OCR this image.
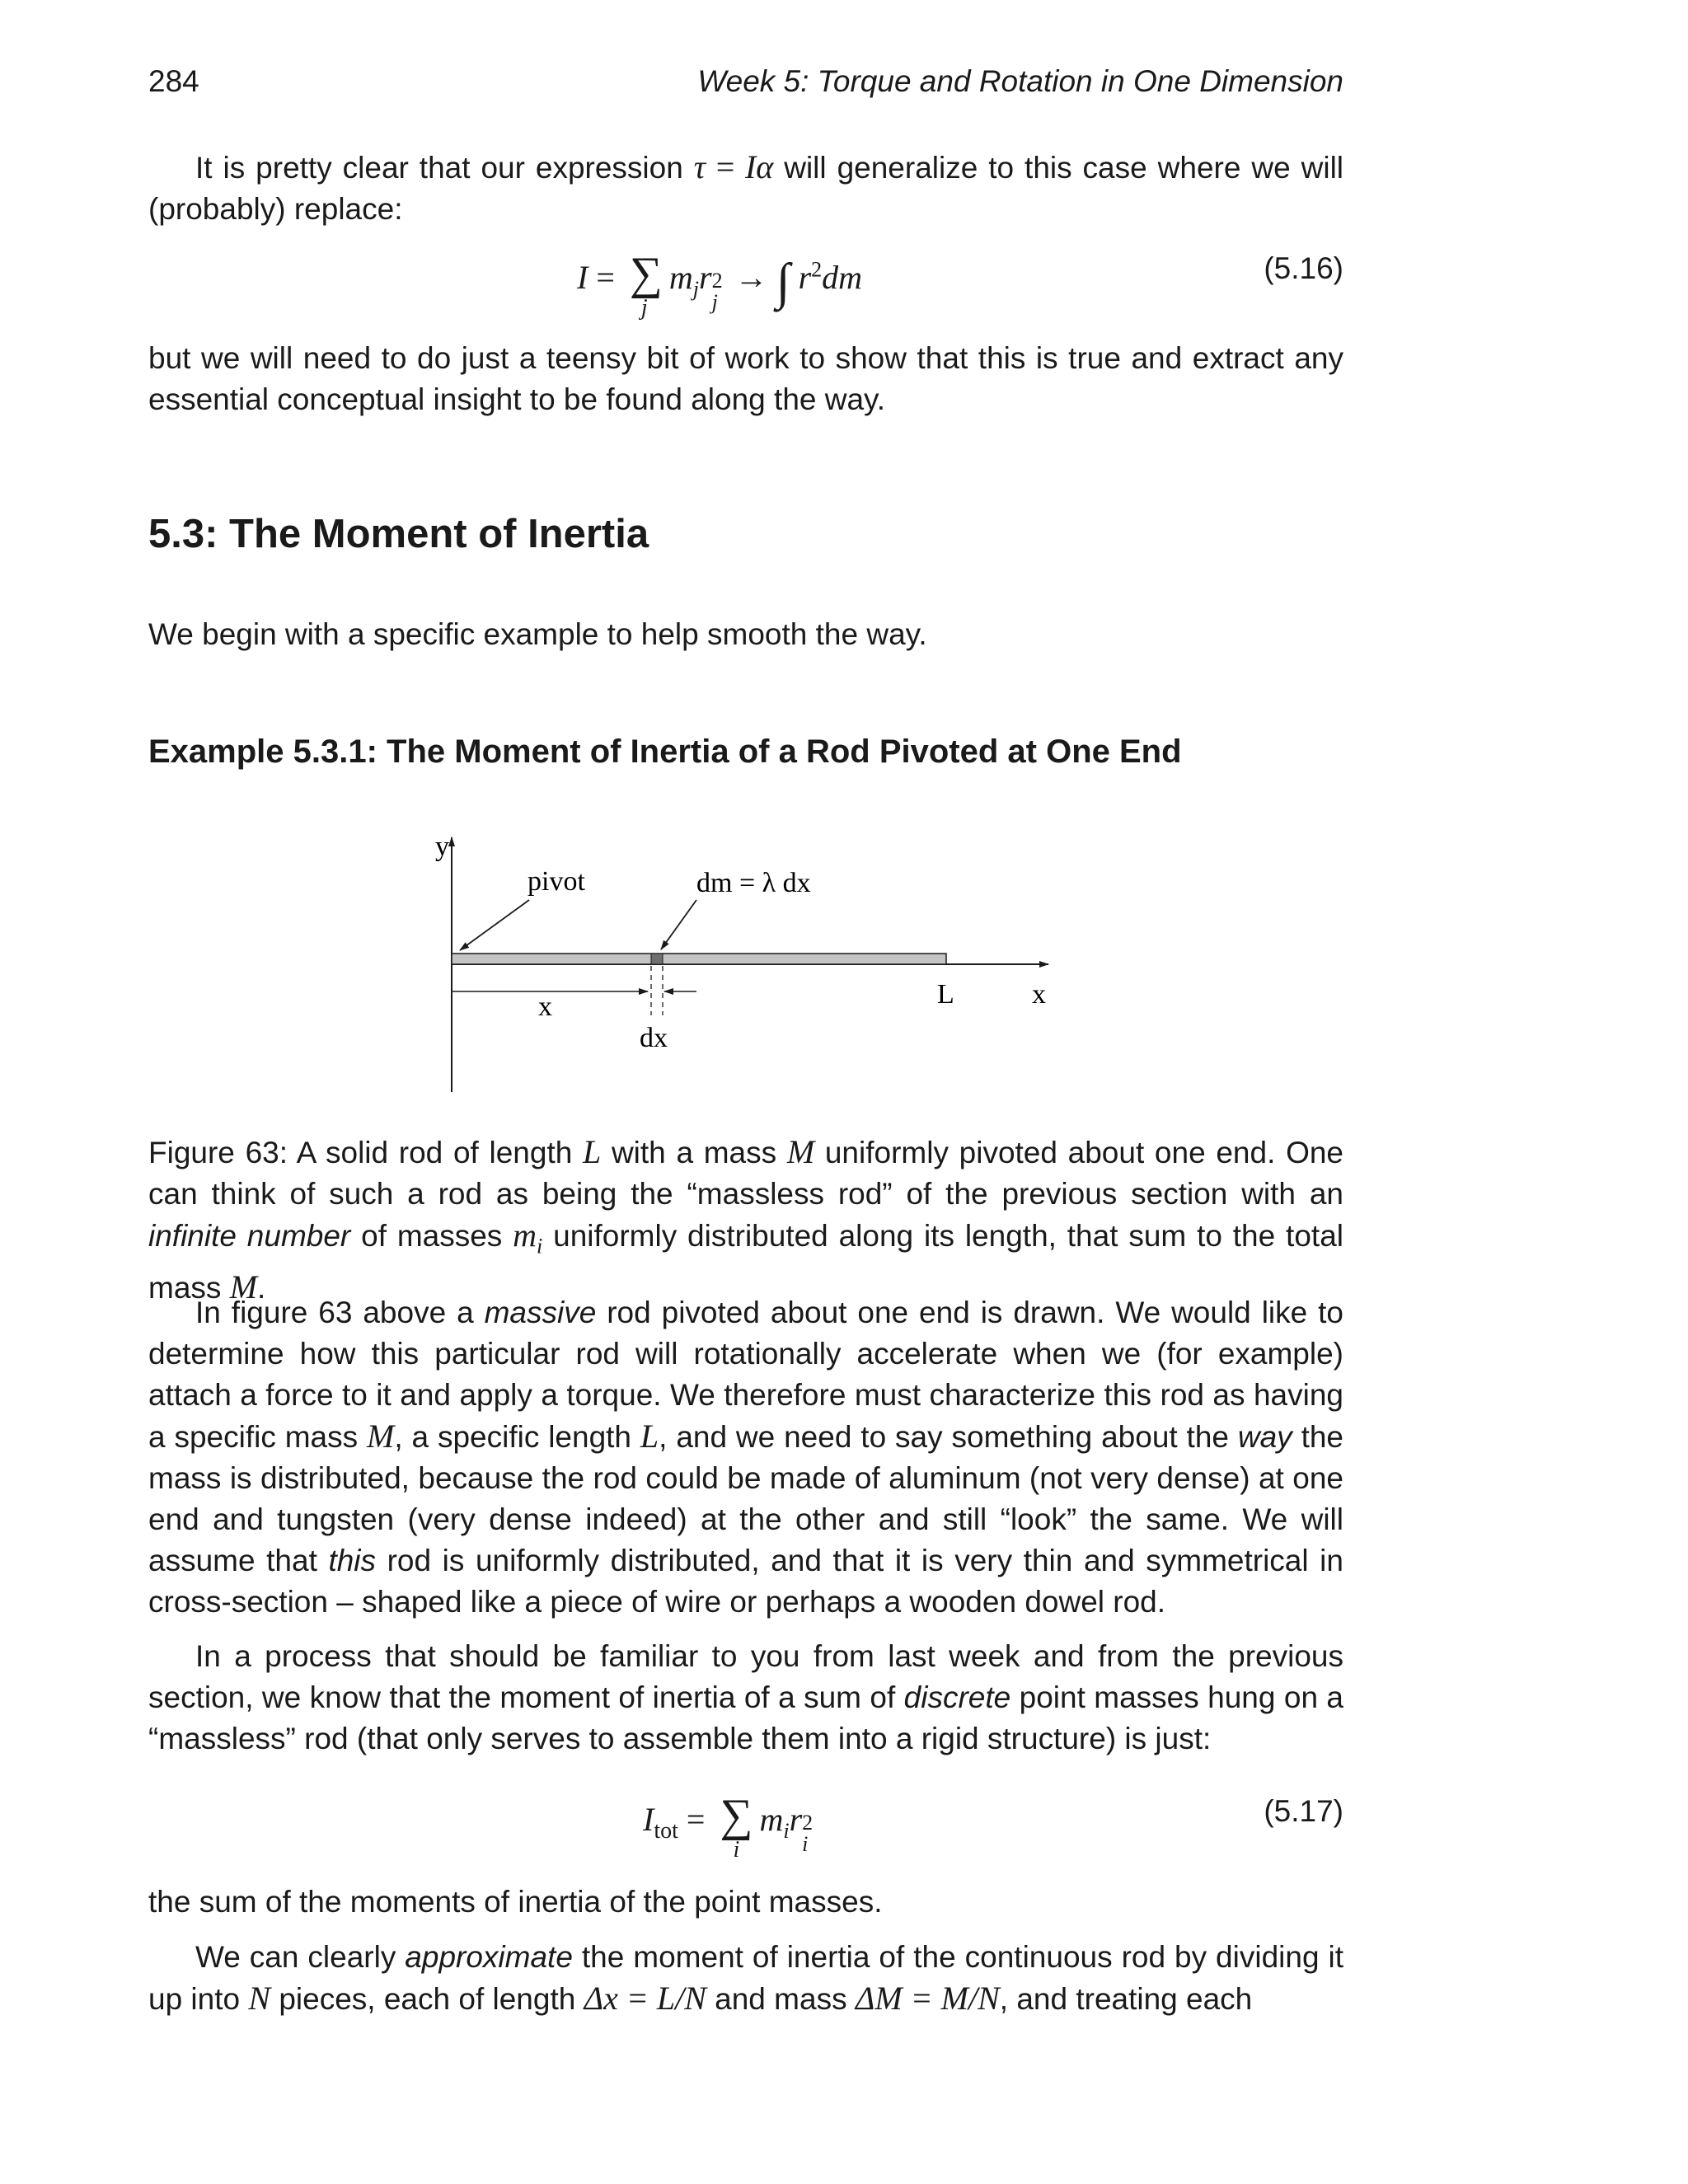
284	Week 5: Torque and Rotation in One Dimension
It is pretty clear that our expression τ = Iα will generalize to this case where we will (probably) replace:
I = ∑
j
$m_jr$ 2
j
→ ∫ $r^2dm$	(5.16)
but we will need to do just a teensy bit of work to show that this is true and extract any essential conceptual insight to be found along the way.
5.3: The Moment of Inertia
We begin with a specific example to help smooth the way.
Example 5.3.1: The Moment of Inertia of a Rod Pivoted at One End
y
x
pivot	dm = λ dx
x
dx
L
Figure 63: A solid rod of length L with a mass M uniformly pivoted about one end. One can think of such a rod as being the “massless rod” of the previous section with an infinite number of masses $m_i$ uniformly distributed along its length, that sum to the total mass M.
In figure 63 above a massive rod pivoted about one end is drawn. We would like to determine how this particular rod will rotationally accelerate when we (for example) attach a force to it and apply a torque. We therefore must characterize this rod as having a specific mass M, a specific length L, and we need to say something about the way the mass is distributed, because the rod could be made of aluminum (not very dense) at one end and tungsten (very dense indeed) at the other and still “look” the same. We will assume that this rod is uniformly distributed, and that it is very thin and symmetrical in cross-section – shaped like a piece of wire or perhaps a wooden dowel rod.
In a process that should be familiar to you from last week and from the previous section, we know that the moment of inertia of a sum of discrete point masses hung on a “massless” rod (that only serves to assemble them into a rigid structure) is just:
$I_{tot}$ = ∑
i
$m_ir$ 2
i
(5.17)
the sum of the moments of inertia of the point masses.
We can clearly approximate the moment of inertia of the continuous rod by dividing it up into N pieces, each of length Δx = L/N and mass ΔM = M/N, and treating each
